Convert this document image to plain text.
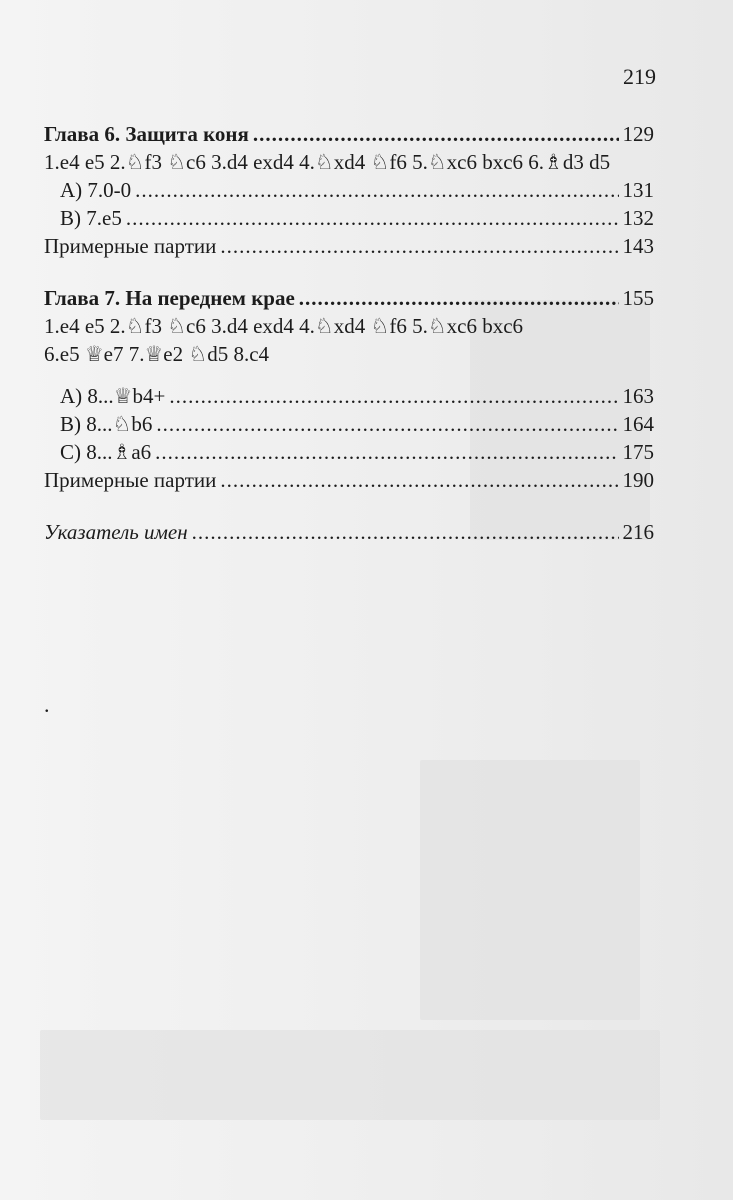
219
Глава 6. Защита коня .....	129
1.e4 e5 2.♘f3 ♘c6 3.d4 exd4 4.♘xd4 ♘f6 5.♘xc6 bxc6 6.♗d3 d5
A) 7.0-0 .....	131
B) 7.e5 .....	132
Примерные партии .....	143
Глава 7. На переднем крае .....	155
1.e4 e5 2.♘f3 ♘c6 3.d4 exd4 4.♘xd4 ♘f6 5.♘xc6 bxc6
6.e5 ♕e7 7.♕e2 ♘d5 8.c4
A) 8...♕b4+ .....	163
B) 8...♘b6 .....	164
C) 8...♗a6 .....	175
Примерные партии .....	190
Указатель имен .....	216
.
